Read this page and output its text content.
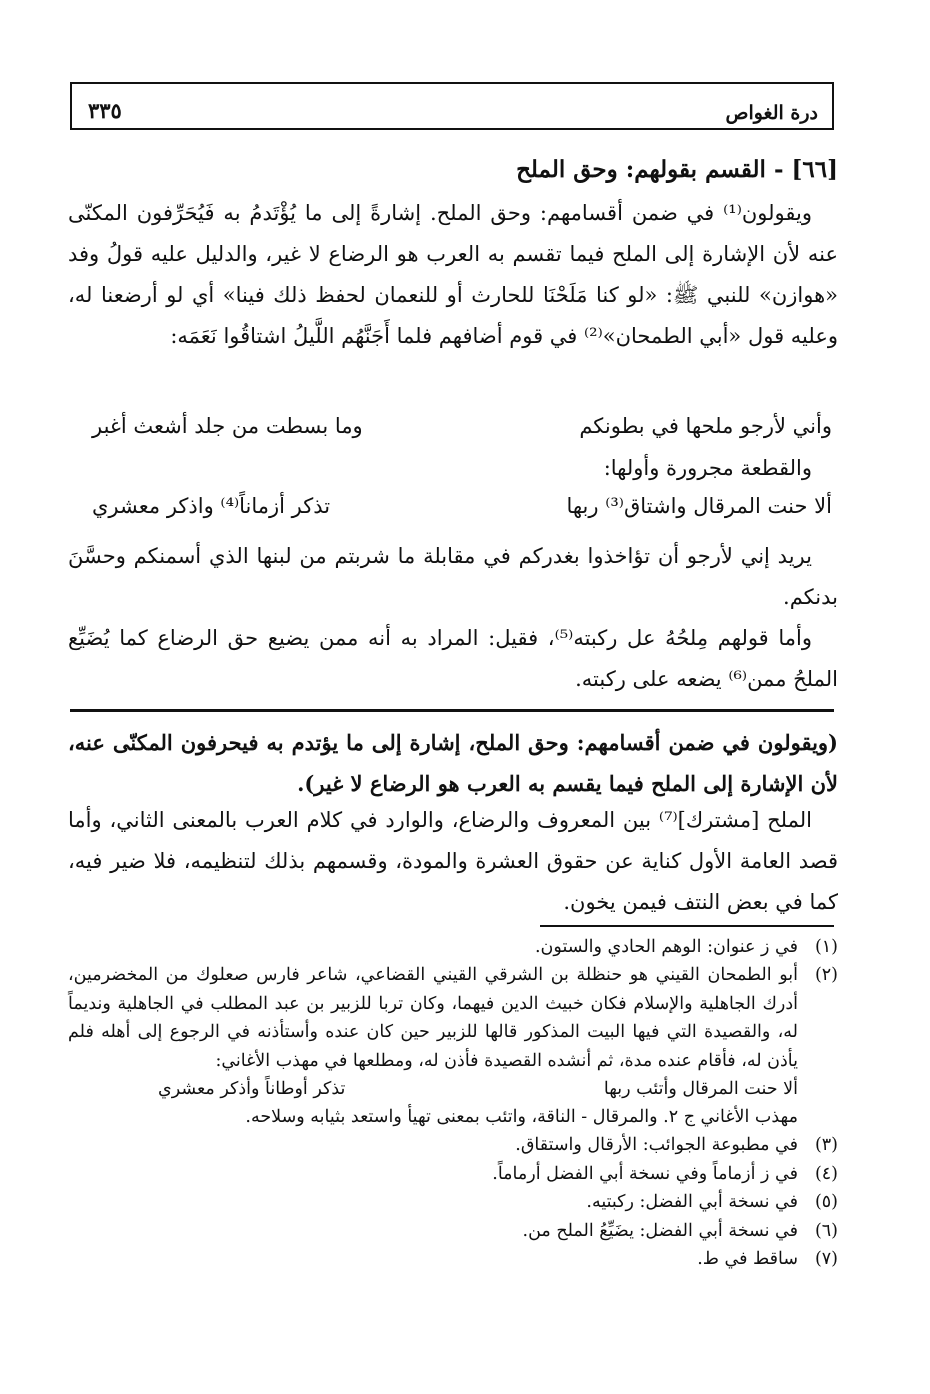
درة الغواص
٣٣٥
[٦٦] - القسم بقولهم: وحق الملح

ويقولون⁽¹⁾ في ضمن أقسامهم: وحق الملح. إشارةً إلى ما يُؤْتَدمُ به فَيُحَرِّفون المكنّى عنه لأن الإشارة إلى الملح فيما تقسم به العرب هو الرضاع لا غير، والدليل عليه قولُ وفد «هوازن» للنبي ﷺ: «لو كنا مَلَحْنَا للحارث أو للنعمان لحفظ ذلك فينا» أي لو أرضعنا له، وعليه قول «أبي الطمحان»⁽²⁾ في قوم أضافهم فلما أَجَنَّهُم اللَّيلُ اشتاقُوا نَعَمَه:

وأني لأرجو ملحها في بطونكم
وما بسطت من جلد أشعث أغبر
والقطعة مجرورة وأولها:
ألا حنت المرقال واشتاق⁽³⁾ ربها
تذكر أزماناً⁽⁴⁾ واذكر معشري

يريد إني لأرجو أن تؤاخذوا بغدركم في مقابلة ما شربتم من لبنها الذي أسمنكم وحسَّنَ بدنكم.

وأما قولهم مِلحُهُ عل ركبته⁽⁵⁾، فقيل: المراد به أنه ممن يضيع حق الرضاع كما يُضَيِّع الملحُ ممن⁽⁶⁾ يضعه على ركبته.

(ويقولون في ضمن أقسامهم: وحق الملح، إشارة إلى ما يؤتدم به فيحرفون المكنّى عنه، لأن الإشارة إلى الملح فيما يقسم به العرب هو الرضاع لا غير).

الملح [مشترك]⁽⁷⁾ بين المعروف والرضاع، والوارد في كلام العرب بالمعنى الثاني، وأما قصد العامة الأول كناية عن حقوق العشرة والمودة، وقسمهم بذلك لتنظيمه، فلا ضير فيه، كما في بعض النتف فيمن يخون.

(١)
في ز عنوان: الوهم الحادي والستون.
(٢)
أبو الطمحان القيني هو حنظلة بن الشرقي القيني القضاعي، شاعر فارس صعلوك من المخضرمين، أدرك الجاهلية والإسلام فكان خبيث الدين فيهما، وكان تربا للزبير بن عبد المطلب في الجاهلية ونديماً له، والقصيدة التي فيها البيت المذكور قالها للزبير حين كان عنده وأستأذنه في الرجوع إلى أهله فلم يأذن له، فأقام عنده مدة، ثم أنشده القصيدة فأذن له، ومطلعها في مهذب الأغاني:
ألا حنت المرقال وأتئب ربها
تذكر أوطاناً وأذكر معشري
مهذب الأغاني ج ٢. والمرقال - الناقة، واتئب بمعنى تهيأ واستعد بثيابه وسلاحه.
(٣)
في مطبوعة الجوائب: الأرقال واستقاق.
(٤)
في ز أزماماً وفي نسخة أبي الفضل أرماماً.
(٥)
في نسخة أبي الفضل: ركبتيه.
(٦)
في نسخة أبي الفضل: يضَيِّعُ الملح من.
(٧)
ساقط في ط.
